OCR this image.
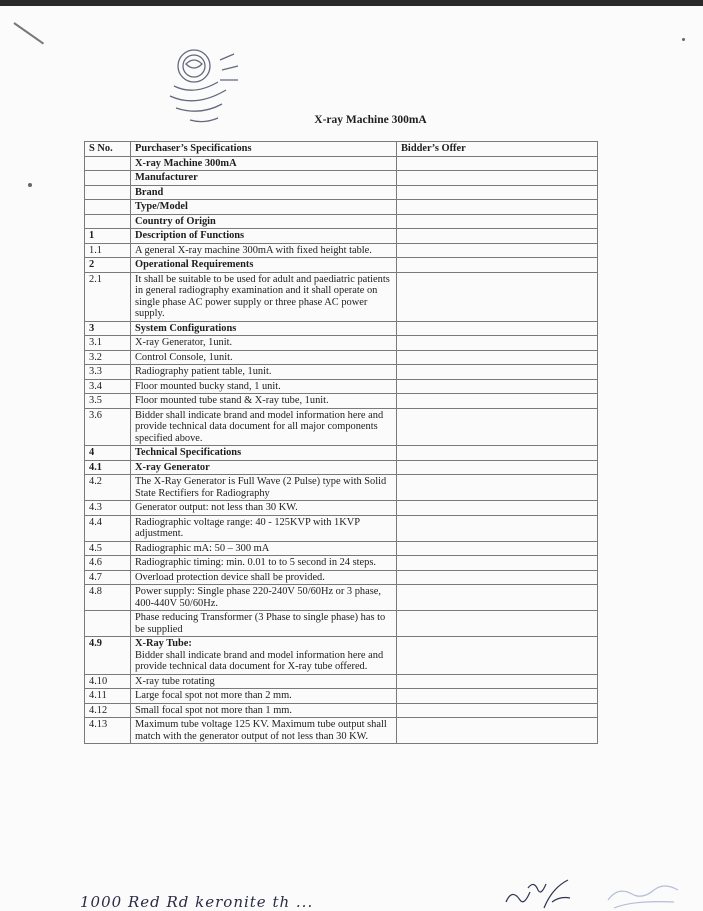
X-ray Machine 300mA
S No.	Purchaser’s Specifications	Bidder’s Offer
	X-ray Machine 300mA	
	Manufacturer	
	Brand	
	Type/Model	
	Country of Origin	
1	Description of Functions	
1.1	A general X-ray machine 300mA with fixed height table.	
2	Operational Requirements	
2.1	It shall be suitable to be used for adult and paediatric patients in general radiography examination and it shall operate on single phase AC power supply or three phase AC power supply.	
3	System Configurations	
3.1	X-ray Generator, 1unit.	
3.2	Control Console, 1unit.	
3.3	Radiography patient table, 1unit.	
3.4	Floor mounted bucky stand, 1 unit.	
3.5	Floor mounted tube stand & X-ray tube, 1unit.	
3.6	Bidder shall indicate brand and model information here and provide technical data document for all major components specified above.	
4	Technical Specifications	
4.1	X-ray Generator	
4.2	The X-Ray Generator is Full Wave (2 Pulse) type with Solid State Rectifiers for Radiography	
4.3	Generator output: not less than 30 KW.	
4.4	Radiographic voltage range: 40 - 125KVP with 1KVP adjustment.	
4.5	Radiographic mA: 50 – 300 mA	
4.6	Radiographic timing: min. 0.01 to to 5 second in 24 steps.	
4.7	Overload protection device shall be provided.	
4.8	Power supply: Single phase 220-240V 50/60Hz or 3 phase, 400-440V 50/60Hz.	
	Phase reducing Transformer (3 Phase to single phase) has to be supplied	
4.9	X-Ray Tube:
Bidder shall indicate brand and model information here and provide technical data document for X-ray tube offered.	

4.10	X-ray tube rotating	
4.11	Large focal spot not more than 2 mm.	
4.12	Small focal spot not more than 1 mm.	
4.13	Maximum tube voltage 125 KV. Maximum tube output shall match with the generator output of not less than 30 KW.	
1000 Red Rd keronite th ...
